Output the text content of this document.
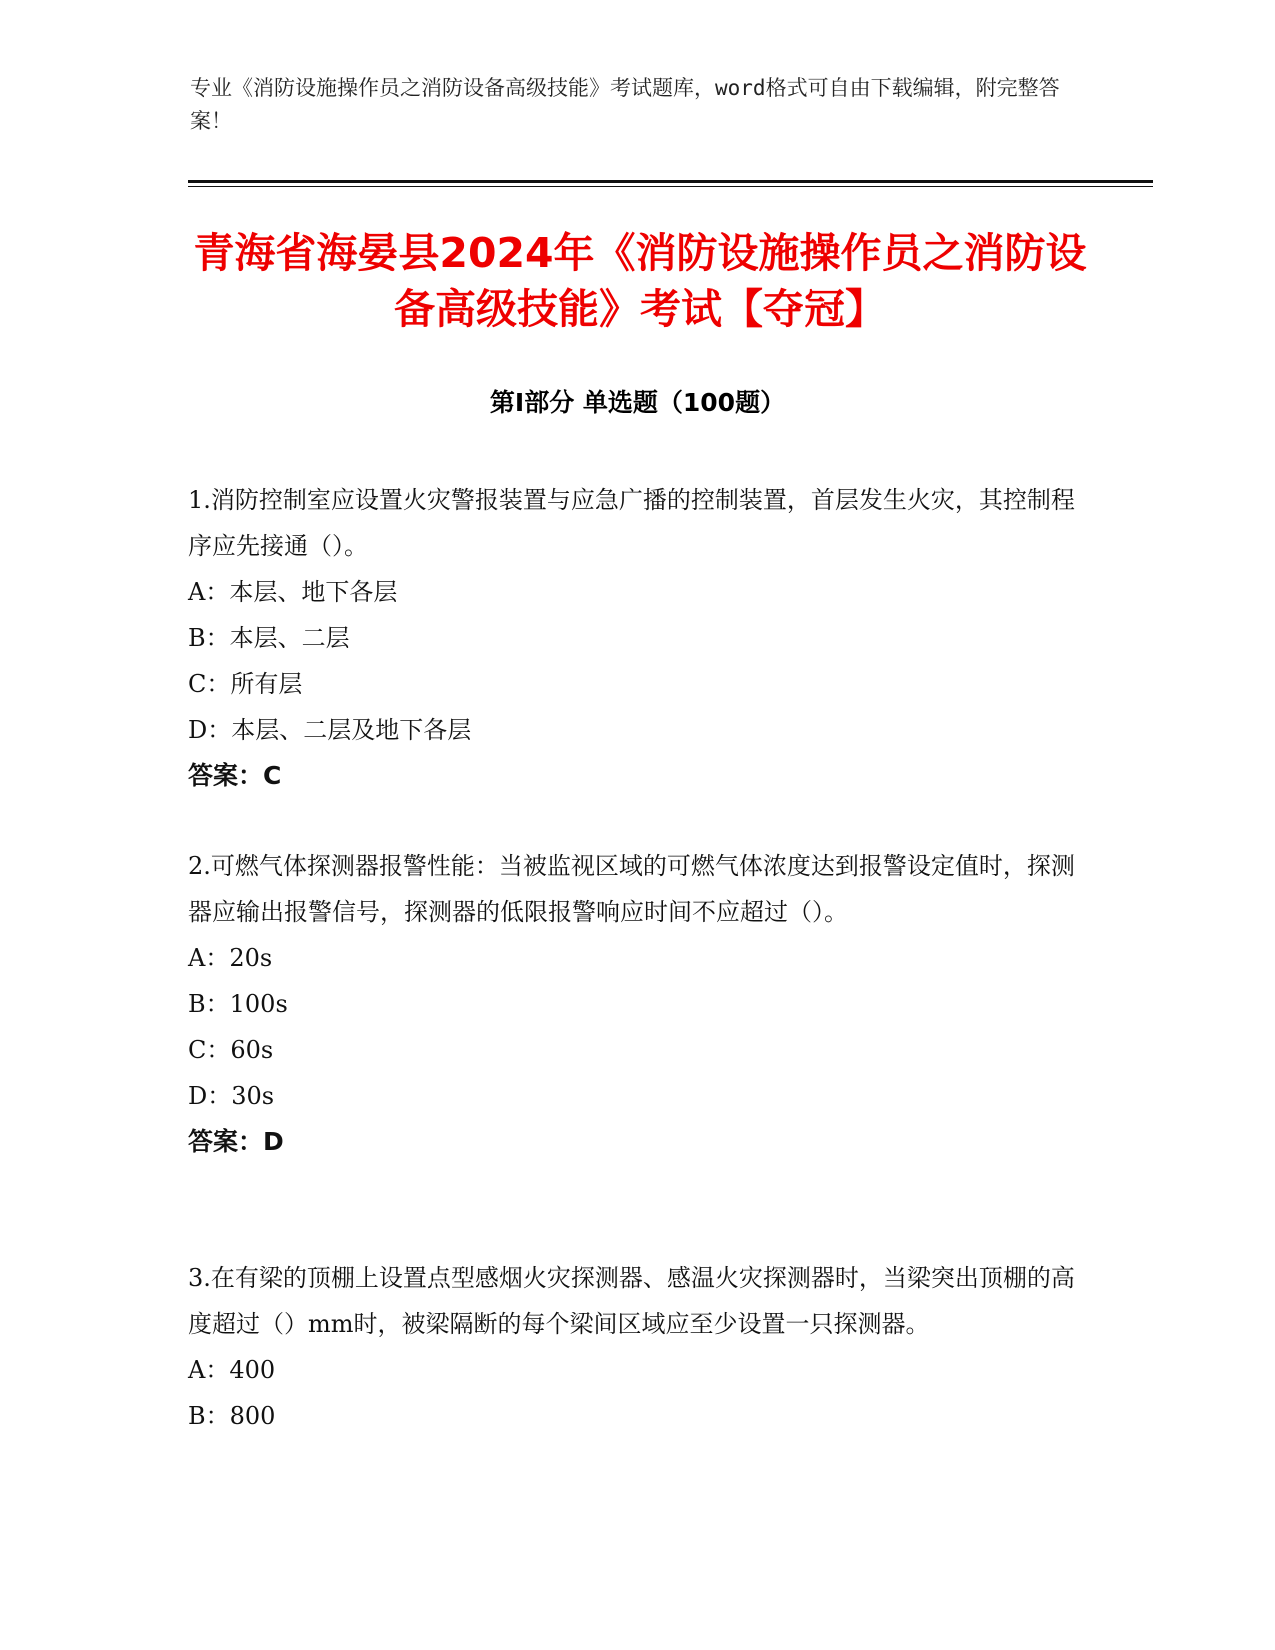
专业《消防设施操作员之消防设备高级技能》考试题库，word格式可自由下载编辑，附完整答案！
青海省海晏县2024年《消防设施操作员之消防设备高级技能》考试【夺冠】
第I部分 单选题（100题）
1.消防控制室应设置火灾警报装置与应急广播的控制装置，首层发生火灾，其控制程序应先接通（）。
A：本层、地下各层
B：本层、二层
C：所有层
D：本层、二层及地下各层
答案：C
2.可燃气体探测器报警性能：当被监视区域的可燃气体浓度达到报警设定值时，探测器应输出报警信号，探测器的低限报警响应时间不应超过（）。
A：20s
B：100s
C：60s
D：30s
答案：D
3.在有梁的顶棚上设置点型感烟火灾探测器、感温火灾探测器时，当梁突出顶棚的高度超过（）mm时，被梁隔断的每个梁间区域应至少设置一只探测器。
A：400
B：800
